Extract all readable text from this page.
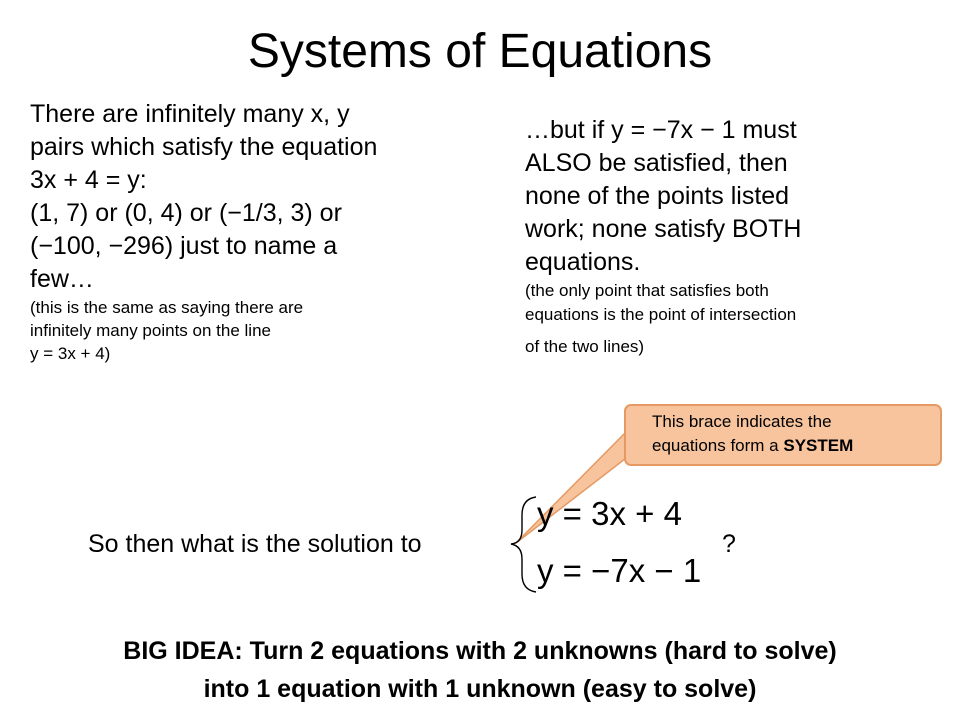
Systems of Equations
There are infinitely many x, y
pairs which satisfy the equation
3x + 4 = y:
(1, 7) or (0, 4) or (−1/3, 3) or
(−100, −296) just to name a
few…
(this is the same as saying there are
infinitely many points on the line
y = 3x + 4)
…but if y = −7x − 1 must
ALSO be satisfied, then
none of the points listed
work; none satisfy BOTH
equations.
(the only point that satisfies both
equations is the point of intersection
of the two lines)
This brace indicates the
equations form a SYSTEM
So then what is the solution to
y = 3x + 4
y = −7x − 1
?
BIG IDEA: Turn 2 equations with 2 unknowns (hard to solve)
into 1 equation with 1 unknown (easy to solve)
